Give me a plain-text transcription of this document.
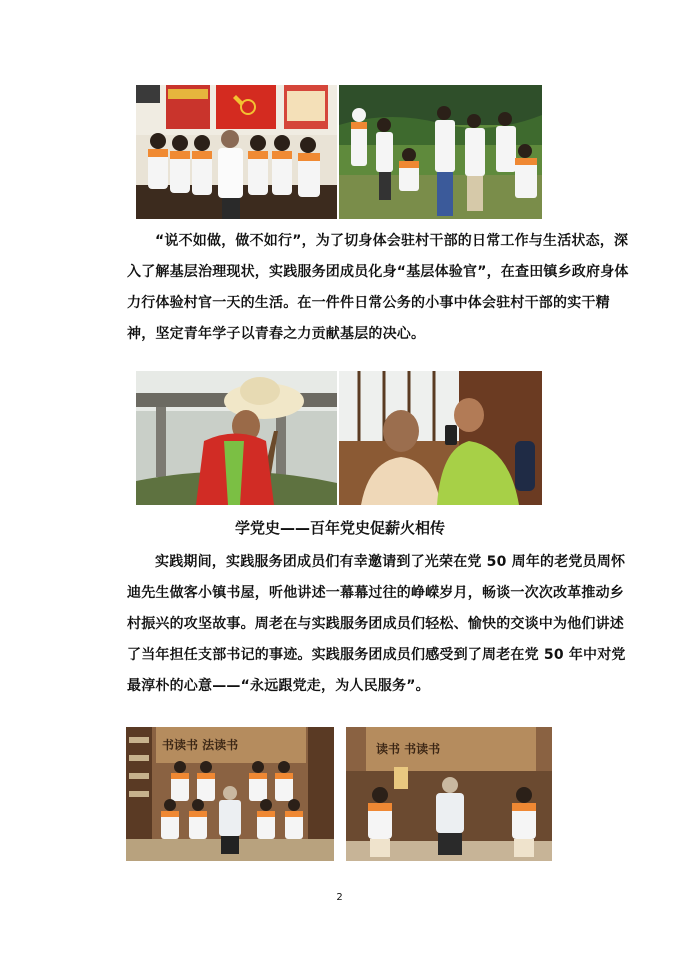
“说不如做，做不如行”，为了切身体会驻村干部的日常工作与生活状态，深
入了解基层治理现状，实践服务团成员化身“基层体验官”，在查田镇乡政府身体
力行体验村官一天的生活。在一件件日常公务的小事中体会驻村干部的实干精
神，坚定青年学子以青春之力贡献基层的决心。

学党史——百年党史促薪火相传

实践期间，实践服务团成员们有幸邀请到了光荣在党 50 周年的老党员周怀
迪先生做客小镇书屋，听他讲述一幕幕过往的峥嵘岁月，畅谈一次次改革推动乡
村振兴的攻坚故事。周老在与实践服务团成员们轻松、愉快的交谈中为他们讲述
了当年担任支部书记的事迹。实践服务团成员们感受到了周老在党 50 年中对党
最淳朴的心意——“永远跟党走，为人民服务”。
书读书 法读书	读书 书读书
2
